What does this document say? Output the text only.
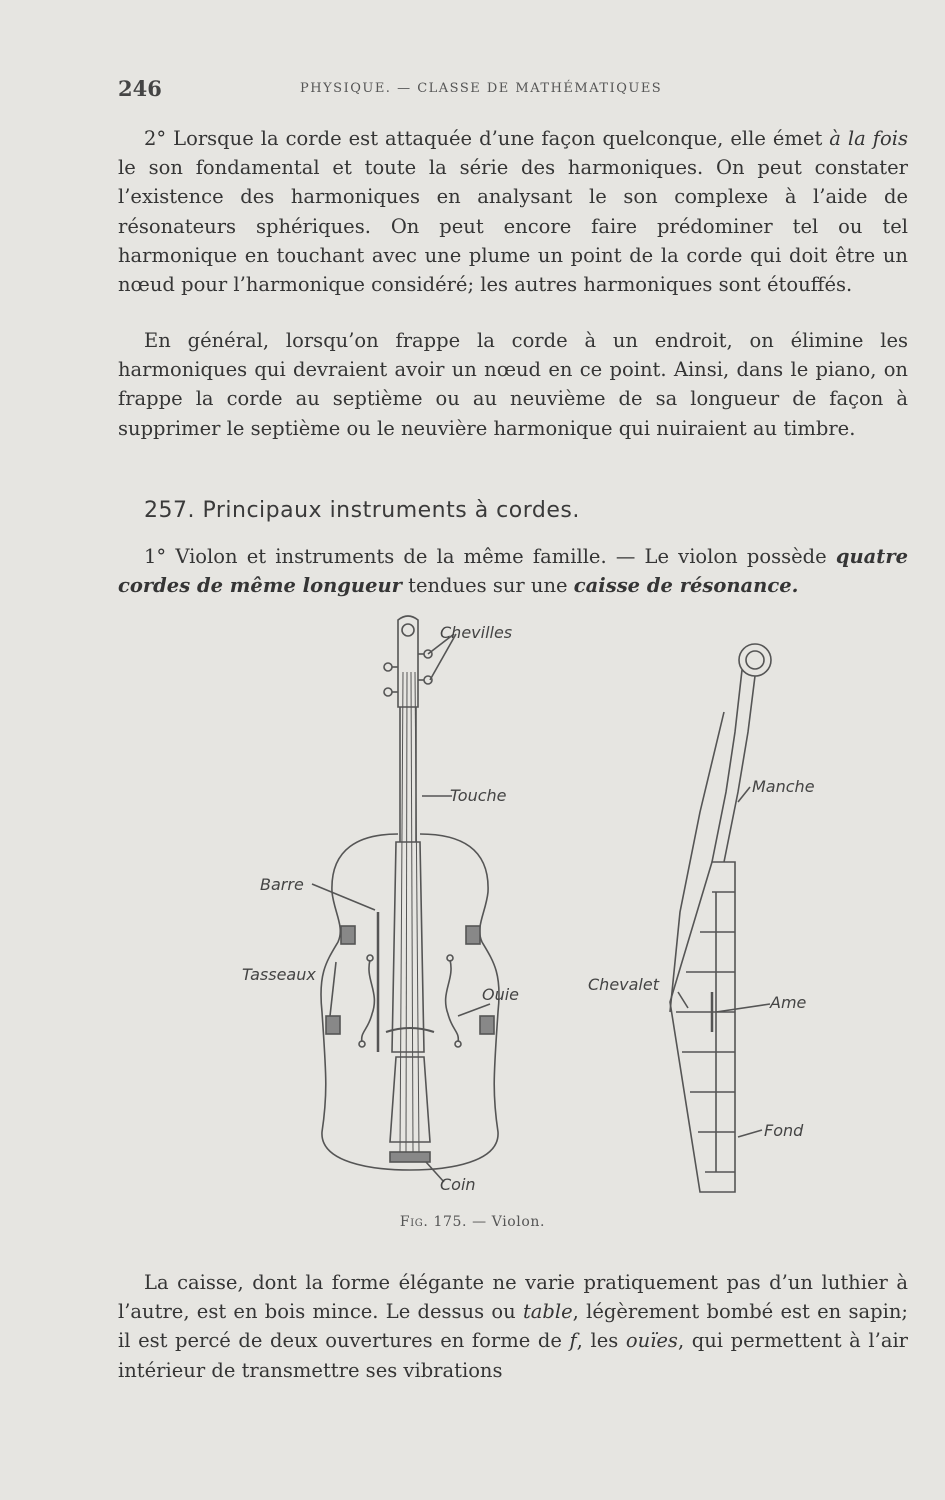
246	PHYSIQUE. — CLASSE DE MATHÉMATIQUES

2° Lorsque la corde est attaquée d’une façon quelconque, elle émet à la fois le son fondamental et toute la série des harmoniques. On peut constater l’existence des harmoniques en analysant le son complexe à l’aide de résonateurs sphériques. On peut encore faire prédominer tel ou tel harmonique en touchant avec une plume un point de la corde qui doit être un nœud pour l’harmonique considéré; les autres harmoniques sont étouffés.

En général, lorsqu’on frappe la corde à un endroit, on élimine les harmoniques qui devraient avoir un nœud en ce point. Ainsi, dans le piano, on frappe la corde au septième ou au neuvième de sa longueur de façon à supprimer le septième ou le neuvière harmonique qui nuiraient au timbre.

257. Principaux instruments à cordes.

1° Violon et instruments de la même famille. — Le violon possède quatre cordes de même longueur tendues sur une caisse de résonance.

Chevilles
Touche
Barre
Tasseaux
Ouie
Coin
Manche
Chevalet
Ame
Fond
Fig. 175. — Violon.

La caisse, dont la forme élégante ne varie pratiquement pas d’un luthier à l’autre, est en bois mince. Le dessus ou table, légèrement bombé est en sapin; il est percé de deux ouvertures en forme de f, les ouïes, qui permettent à l’air intérieur de transmettre ses vibrations
